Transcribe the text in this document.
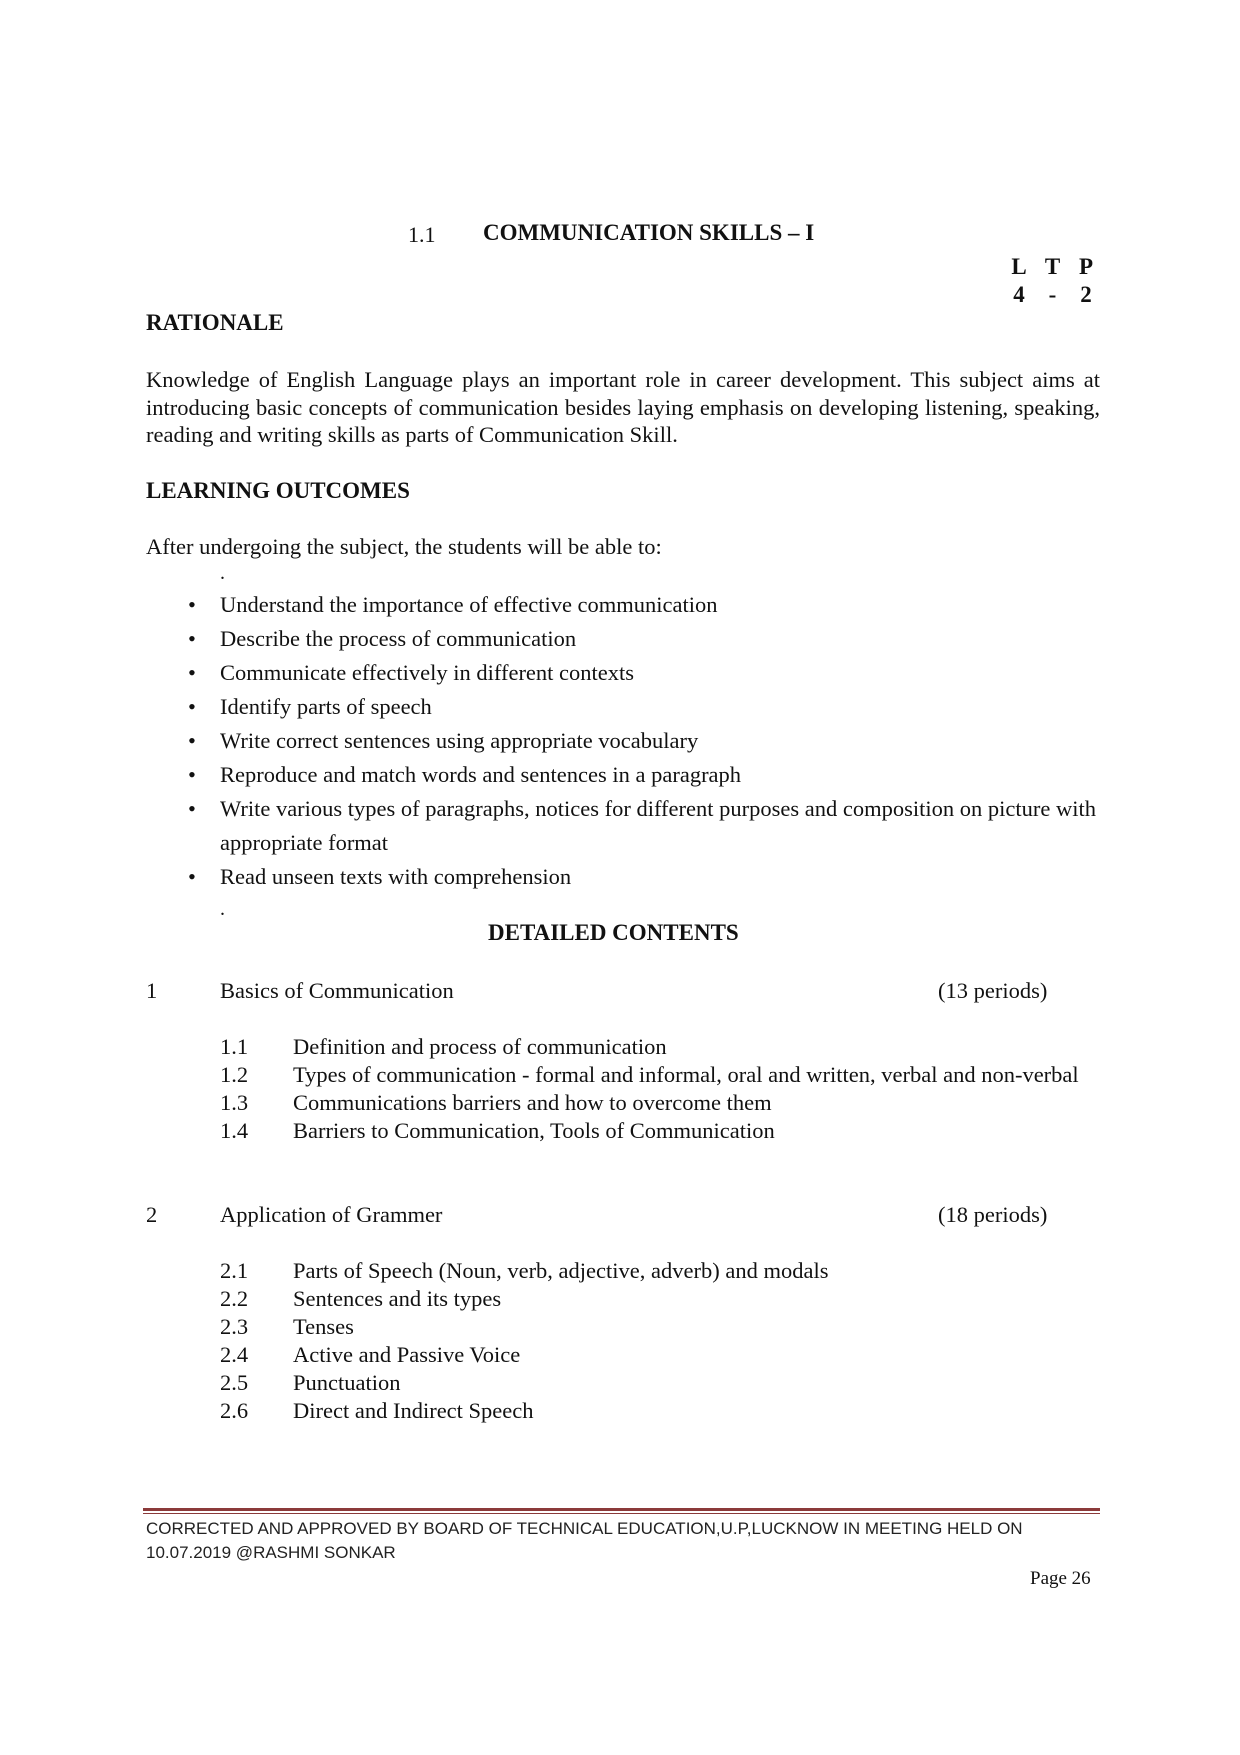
1.1 COMMUNICATION SKILLS – I
L T P
4	-	2
RATIONALE
Knowledge of English Language plays an important role in career development. This subject aims at introducing basic concepts of communication besides laying emphasis on developing listening, speaking, reading and writing skills as parts of Communication Skill.
LEARNING OUTCOMES
After undergoing the subject, the students will be able to:
.
• Understand the importance of effective communication
• Describe the process of communication
• Communicate effectively in different contexts
• Identify parts of speech
• Write correct sentences using appropriate vocabulary
• Reproduce and match words and sentences in a paragraph
• Write various types of paragraphs, notices for different purposes and composition on picture with appropriate format
• Read unseen texts with comprehension
.
DETAILED CONTENTS
1	Basics of Communication	(13 periods)
1.1	Definition and process of communication
1.2	Types of communication - formal and informal, oral and written, verbal and non-verbal
1.3	Communications barriers and how to overcome them
1.4	Barriers to Communication, Tools of Communication
2	Application of Grammer	(18 periods)
2.1	Parts of Speech (Noun, verb, adjective, adverb) and modals
2.2	Sentences and its types
2.3	Tenses
2.4	Active and Passive Voice
2.5	Punctuation
2.6	Direct and Indirect Speech
CORRECTED AND APPROVED BY BOARD OF TECHNICAL EDUCATION,U.P,LUCKNOW IN MEETING HELD ON
10.07.2019 @RASHMI SONKAR
Page 26
